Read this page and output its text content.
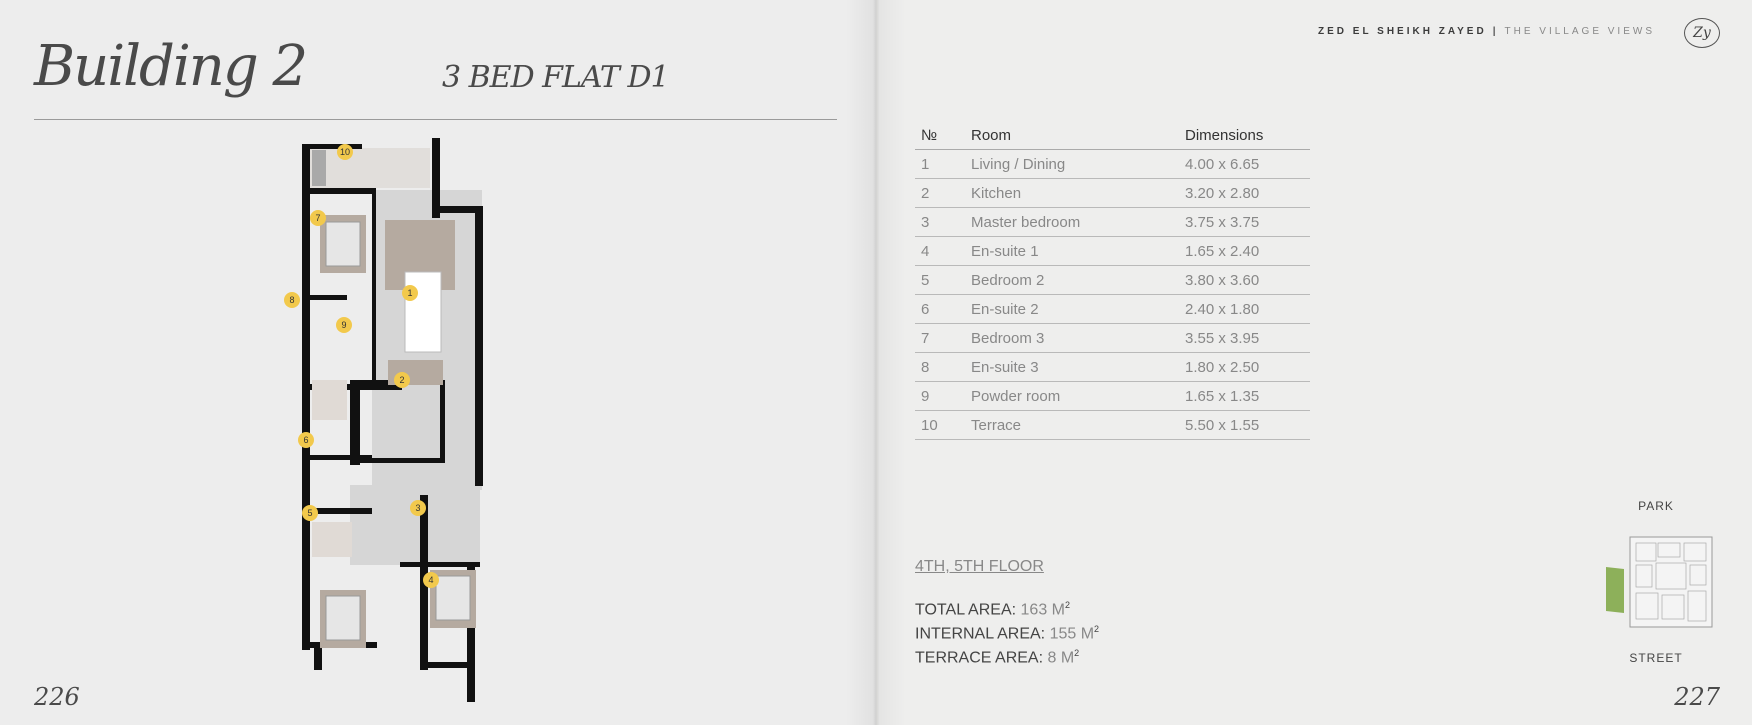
Building 2	3 BED FLAT D1
1
2
3
4
5
6
7
8
9
10
226
ZED EL SHEIKH ZAYED | THE VILLAGE VIEWS	Zy
№	Room	Dimensions
1	Living / Dining	4.00 x 6.65
2	Kitchen	3.20 x 2.80
3	Master bedroom	3.75 x 3.75
4	En-suite 1	1.65 x 2.40
5	Bedroom 2	3.80 x 3.60
6	En-suite 2	2.40 x 1.80
7	Bedroom 3	3.55 x 3.95
8	En-suite 3	1.80 x 2.50
9	Powder room	1.65 x 1.35
10	Terrace	5.50 x 1.55
4TH, 5TH FLOOR
TOTAL AREA: 163 $M^2$
INTERNAL AREA: 155 $M^2$
TERRACE AREA: 8 $M^2$
PARK
STREET
227
